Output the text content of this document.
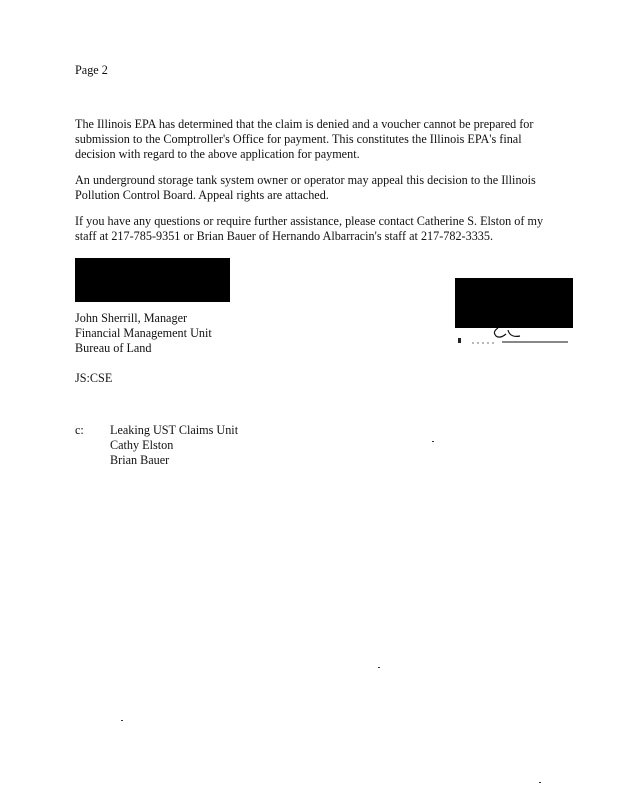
Page 2
The Illinois EPA has determined that the claim is denied and a voucher cannot be prepared for
submission to the Comptroller's Office for payment. This constitutes the Illinois EPA's final
decision with regard to the above application for payment.
An underground storage tank system owner or operator may appeal this decision to the Illinois
Pollution Control Board. Appeal rights are attached.
If you have any questions or require further assistance, please contact Catherine S. Elston of my
staff at 217-785-9351 or Brian Bauer of Hernando Albarracin's staff at 217-782-3335.
John Sherrill, Manager
Financial Management Unit
Bureau of Land
JS:CSE
c: Leaking UST Claims Unit
Cathy Elston
Brian Bauer
